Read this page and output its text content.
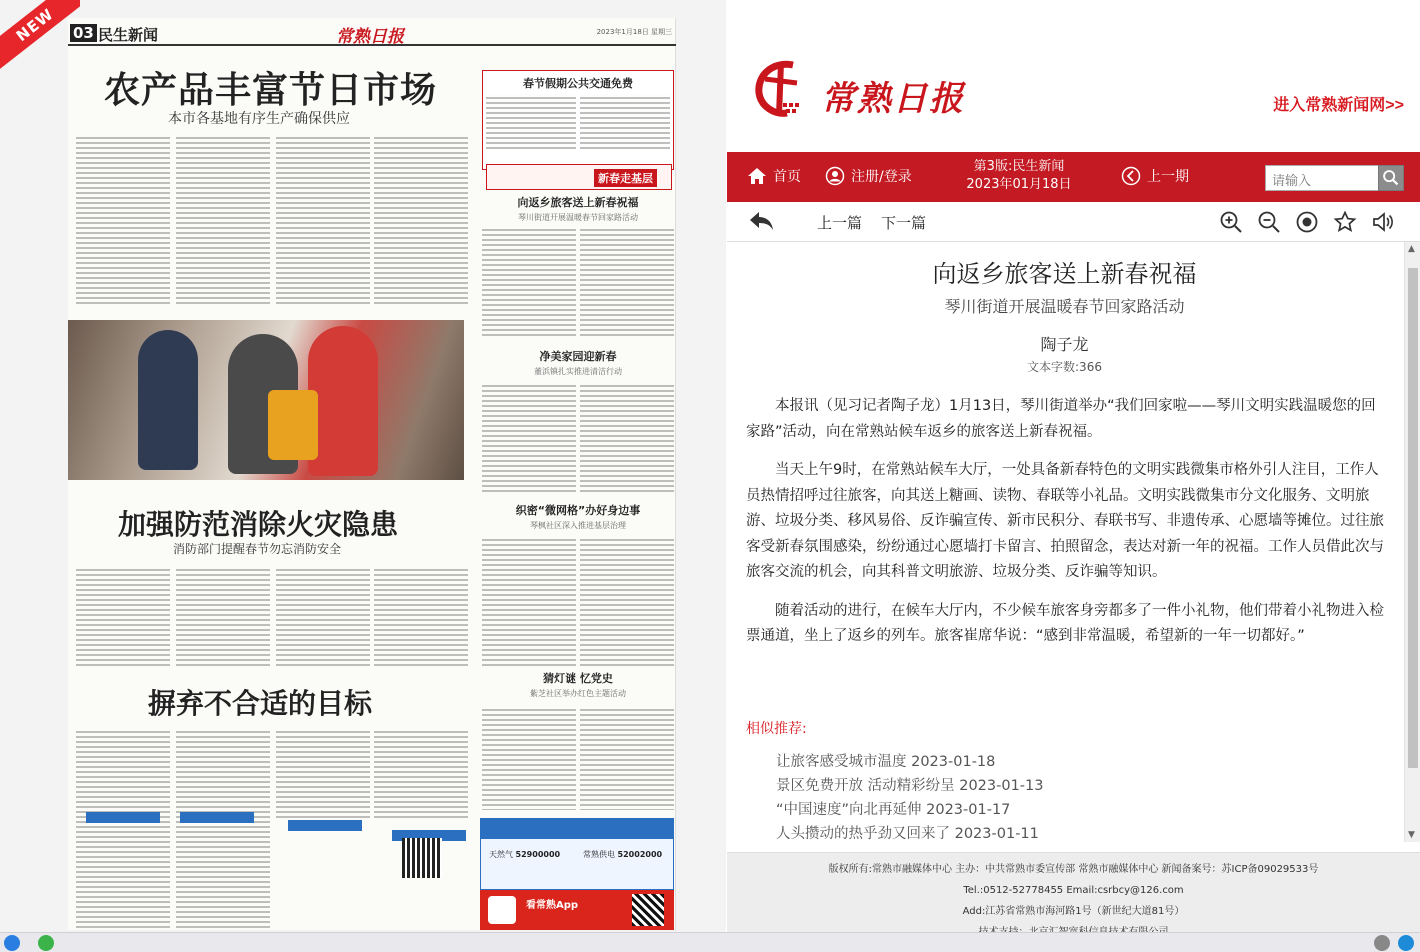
NEW	03 民生新闻	常熟日报	2023年1月18日 星期三
农产品丰富节日市场
本市各基地有序生产确保供应
加强防范消除火灾隐患
消防部门提醒春节勿忘消防安全
摒弃不合适的目标
春节假期公共交通免费
新春走基层
向返乡旅客送上新春祝福
琴川街道开展温暖春节回家路活动
净美家园迎新春
董浜镇扎实推进清洁行动
织密“微网格”办好身边事
琴枫社区深入推进基层治理
猜灯谜 忆党史
紫芝社区举办红色主题活动
天然气 52900000	常熟供电 52002000
看常熟App
常熟日报	进入常熟新闻网>>
首页	注册/登录
第3版:民生新闻
2023年01月18日	上一期	请输入
上一篇 下一篇
向返乡旅客送上新春祝福
琴川街道开展温暖春节回家路活动
陶子龙
文本字数:366

本报讯（见习记者陶子龙）1月13日，琴川街道举办“我们回家啦——琴川文明实践温暖您的回家路”活动，向在常熟站候车返乡的旅客送上新春祝福。

当天上午9时，在常熟站候车大厅，一处具备新春特色的文明实践微集市格外引人注目，工作人员热情招呼过往旅客，向其送上糖画、读物、春联等小礼品。文明实践微集市分文化服务、文明旅游、垃圾分类、移风易俗、反诈骗宣传、新市民积分、春联书写、非遗传承、心愿墙等摊位。过往旅客受新春氛围感染，纷纷通过心愿墙打卡留言、拍照留念，表达对新一年的祝福。工作人员借此次与旅客交流的机会，向其科普文明旅游、垃圾分类、反诈骗等知识。

随着活动的进行，在候车大厅内，不少候车旅客身旁都多了一件小礼物，他们带着小礼物进入检票通道，坐上了返乡的列车。旅客崔席华说：“感到非常温暖，希望新的一年一切都好。”

相似推荐:
让旅客感受城市温度 2023-01-18
景区免费开放 活动精彩纷呈 2023-01-13
“中国速度”向北再延伸 2023-01-17
人头攒动的热乎劲又回来了 2023-01-11
▲
▼
版权所有:常熟市融媒体中心 主办：中共常熟市委宣传部 常熟市融媒体中心 新闻备案号：苏ICP备09029533号
Tel.:0512-52778455 Email:csrbcy@126.com
Add:江苏省常熟市海河路1号（新世纪大道81号）
